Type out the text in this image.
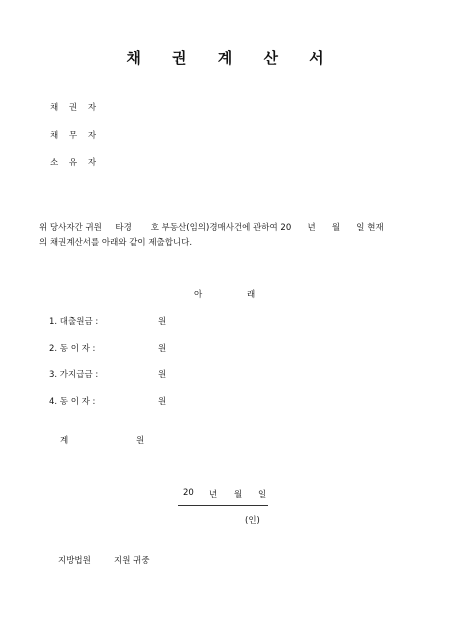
채 권 계 산 서
채 권 자
채 무 자
소 유 자
위 당사자간 귀원     타경       호 부동산(임의)경매사건에 관하여 20      년      월      일 현재
의 채권계산서를 아래와 같이 제출합니다.
아	래
1. 대출원금 :	원
2. 동 이 자 :	원
3. 가지급금 :	원
4. 동 이 자 :	원
계	원
20 년 월 일
(인)
지방법원	지원 귀중
